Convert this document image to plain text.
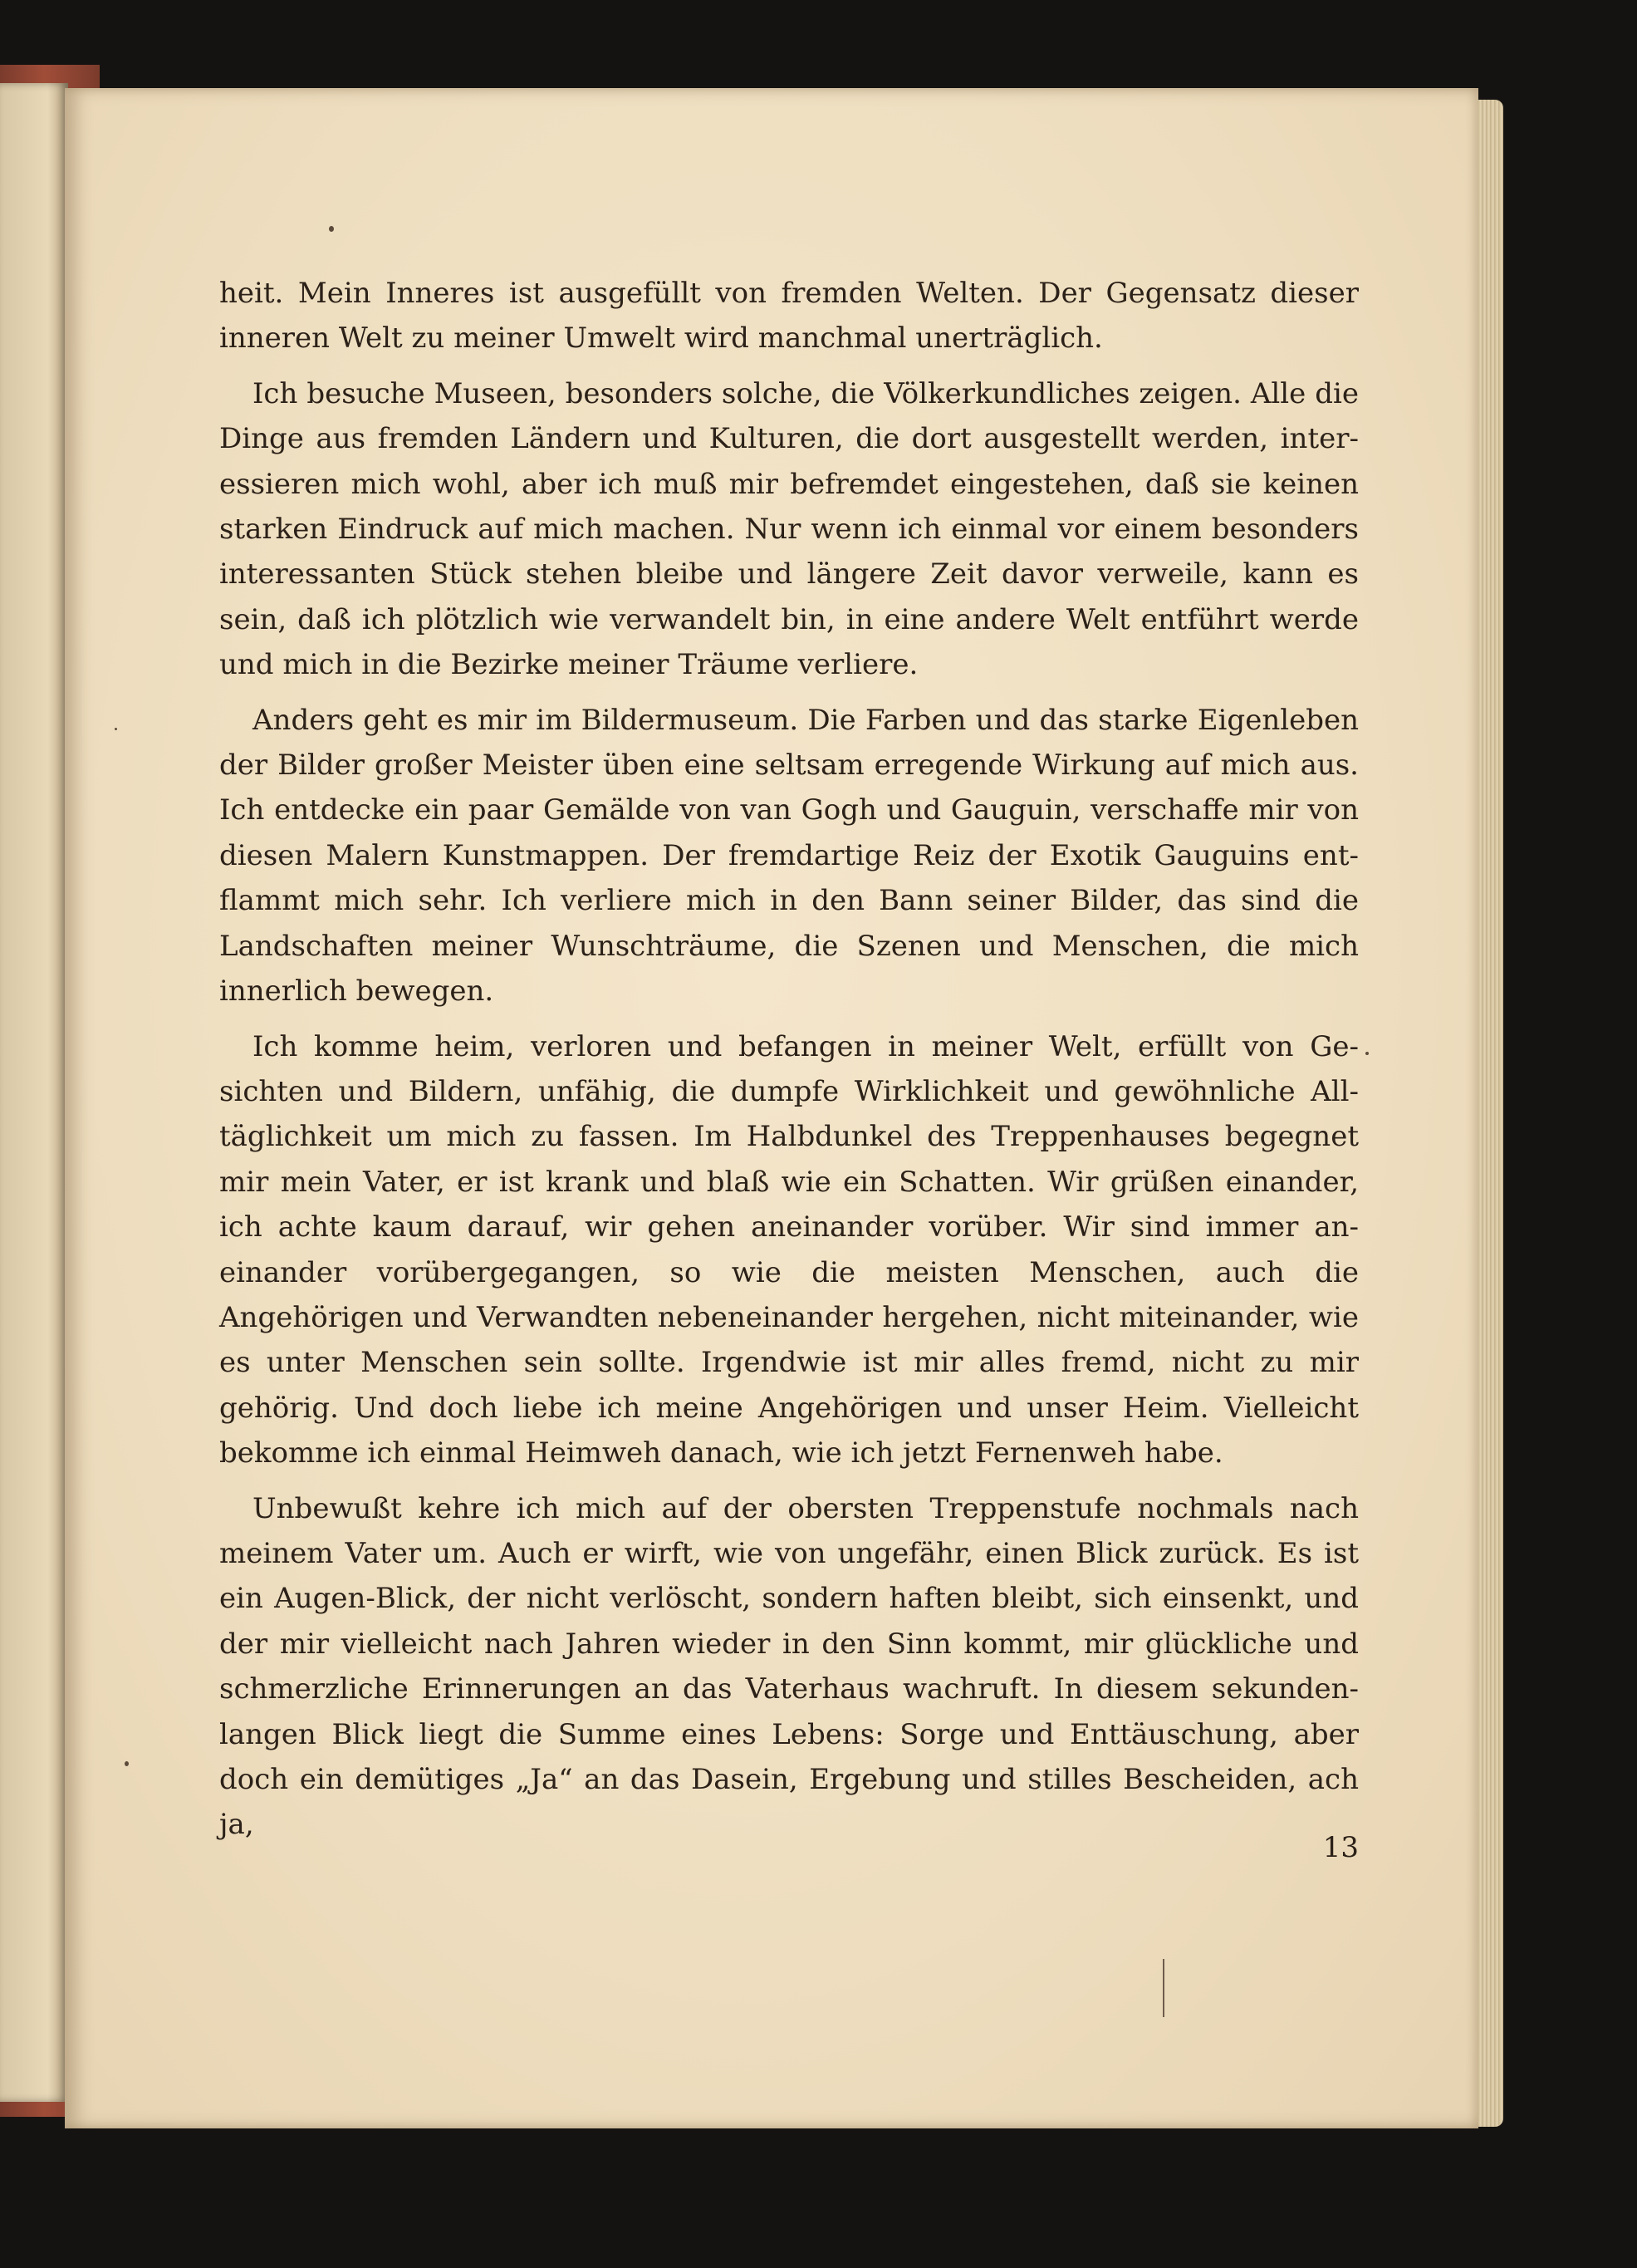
heit. Mein Inneres ist ausgefüllt von fremden Welten. Der Gegensatz dieser inneren Welt zu meiner Umwelt wird manchmal unerträglich.

Ich besuche Museen, besonders solche, die Völkerkundliches zeigen. Alle die Dinge aus fremden Ländern und Kulturen, die dort ausgestellt werden, interessieren mich wohl, aber ich muß mir befremdet eingestehen, daß sie keinen starken Eindruck auf mich machen. Nur wenn ich einmal vor einem besonders interessanten Stück stehen bleibe und längere Zeit davor verweile, kann es sein, daß ich plötzlich wie verwandelt bin, in eine andere Welt entführt werde und mich in die Bezirke meiner Träume verliere.

Anders geht es mir im Bildermuseum. Die Farben und das starke Eigenleben der Bilder großer Meister üben eine seltsam erregende Wirkung auf mich aus. Ich entdecke ein paar Gemälde von van Gogh und Gauguin, verschaffe mir von diesen Malern Kunstmappen. Der fremdartige Reiz der Exotik Gauguins entflammt mich sehr. Ich verliere mich in den Bann seiner Bilder, das sind die Landschaften meiner Wunschträume, die Szenen und Menschen, die mich innerlich bewegen.

Ich komme heim, verloren und befangen in meiner Welt, erfüllt von Gesichten und Bildern, unfähig, die dumpfe Wirklichkeit und gewöhnliche Alltäglichkeit um mich zu fassen. Im Halbdunkel des Treppenhauses begegnet mir mein Vater, er ist krank und blaß wie ein Schatten. Wir grüßen einander, ich achte kaum darauf, wir gehen aneinander vorüber. Wir sind immer aneinander vorübergegangen, so wie die meisten Menschen, auch die Angehörigen und Verwandten nebeneinander hergehen, nicht miteinander, wie es unter Menschen sein sollte. Irgendwie ist mir alles fremd, nicht zu mir gehörig. Und doch liebe ich meine Angehörigen und unser Heim. Vielleicht bekomme ich einmal Heimweh danach, wie ich jetzt Fernenweh habe.

Unbewußt kehre ich mich auf der obersten Treppenstufe nochmals nach meinem Vater um. Auch er wirft, wie von ungefähr, einen Blick zurück. Es ist ein Augen-Blick, der nicht verlöscht, sondern haften bleibt, sich einsenkt, und der mir vielleicht nach Jahren wieder in den Sinn kommt, mir glückliche und schmerzliche Erinnerungen an das Vaterhaus wachruft. In diesem sekundenlangen Blick liegt die Summe eines Lebens: Sorge und Enttäuschung, aber doch ein demütiges „Ja“ an das Dasein, Ergebung und stilles Bescheiden, ach ja,

13
